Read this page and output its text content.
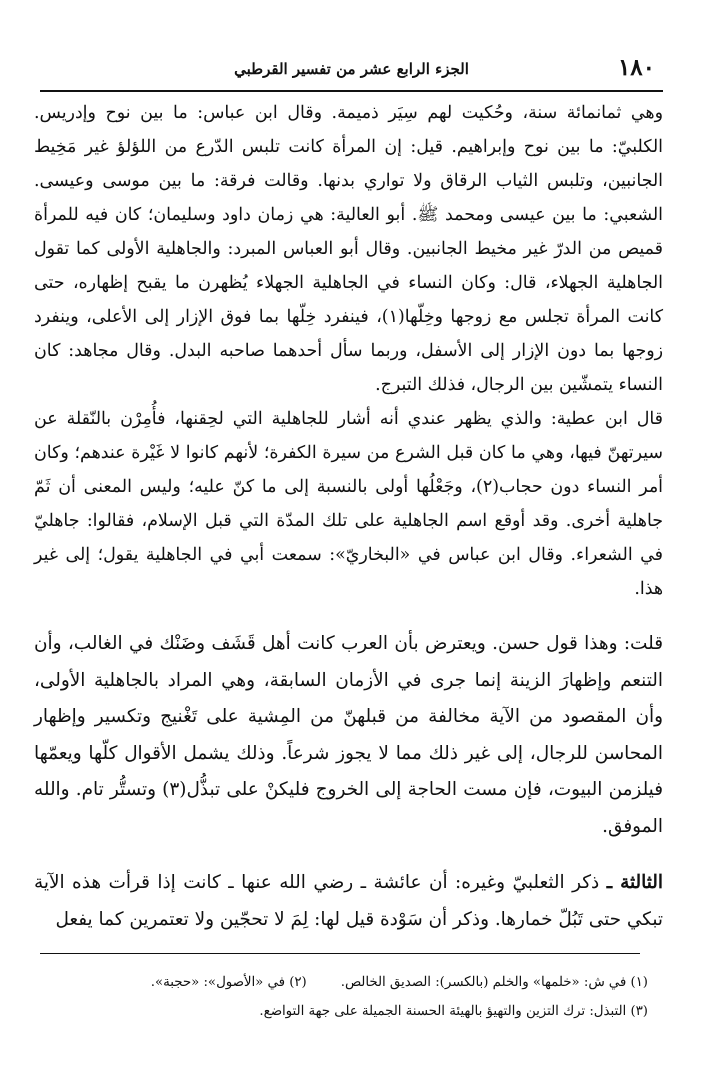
١٨٠
الجزء الرابع عشر من تفسير القرطبي

وهي ثمانمائة سنة، وحُكيت لهم سِيَر ذميمة. وقال ابن عباس: ما بين نوح وإدريس. الكلبيّ: ما بين نوح وإبراهيم. قيل: إن المرأة كانت تلبس الدّرع من اللؤلؤ غير مَخِيط الجانبين، وتلبس الثياب الرقاق ولا تواري بدنها. وقالت فرقة: ما بين موسى وعيسى. الشعبي: ما بين عيسى ومحمد ﷺ. أبو العالية: هي زمان داود وسليمان؛ كان فيه للمرأة قميص من الدرّ غير مخيط الجانبين. وقال أبو العباس المبرد: والجاهلية الأولى كما تقول الجاهلية الجهلاء، قال: وكان النساء في الجاهلية الجهلاء يُظهرن ما يقبح إظهاره، حتى كانت المرأة تجلس مع زوجها وخِلّها(١)، فينفرد خِلّها بما فوق الإزار إلى الأعلى، وينفرد زوجها بما دون الإزار إلى الأسفل، وربما سأل أحدهما صاحبه البدل. وقال مجاهد: كان النساء يتمشّين بين الرجال، فذلك التبرج.

قال ابن عطية: والذي يظهر عندي أنه أشار للجاهلية التي لحِقنها، فأُمِرْن بالنّقلة عن سيرتهنّ فيها، وهي ما كان قبل الشرع من سيرة الكفرة؛ لأنهم كانوا لا غَيْرة عندهم؛ وكان أمر النساء دون حجاب(٢)، وجَعْلُها أولى بالنسبة إلى ما كنّ عليه؛ وليس المعنى أن ثَمّ جاهلية أخرى. وقد أوقع اسم الجاهلية على تلك المدّة التي قبل الإسلام، فقالوا: جاهليّ في الشعراء. وقال ابن عباس في «البخاريّ»: سمعت أبي في الجاهلية يقول؛ إلى غير هذا.

قلت: وهذا قول حسن. ويعترض بأن العرب كانت أهل قَشَف وضَنْك في الغالب، وأن التنعم وإظهارَ الزينة إنما جرى في الأزمان السابقة، وهي المراد بالجاهلية الأولى، وأن المقصود من الآية مخالفة من قبلهنّ من المِشية على تَغْنيج وتكسير وإظهار المحاسن للرجال، إلى غير ذلك مما لا يجوز شرعاً. وذلك يشمل الأقوال كلّها ويعمّها فيلزمن البيوت، فإن مست الحاجة إلى الخروج فليكنْ على تبذُّل(٣) وتستُّر تام. والله الموفق.

الثالثة ـ ذكر الثعلبيّ وغيره: أن عائشة ـ رضي الله عنها ـ كانت إذا قرأت هذه الآية تبكي حتى تَبُلّ خمارها. وذكر أن سَوْدة قيل لها: لِمَ لا تحجّين ولا تعتمرين كما يفعل

(١) في ش: «خلمها» والخلم (بالكسر): الصديق الخالص.(٢) في «الأصول»: «حجبة».
(٣) التبذل: ترك التزين والتهيؤ بالهيئة الحسنة الجميلة على جهة التواضع.
